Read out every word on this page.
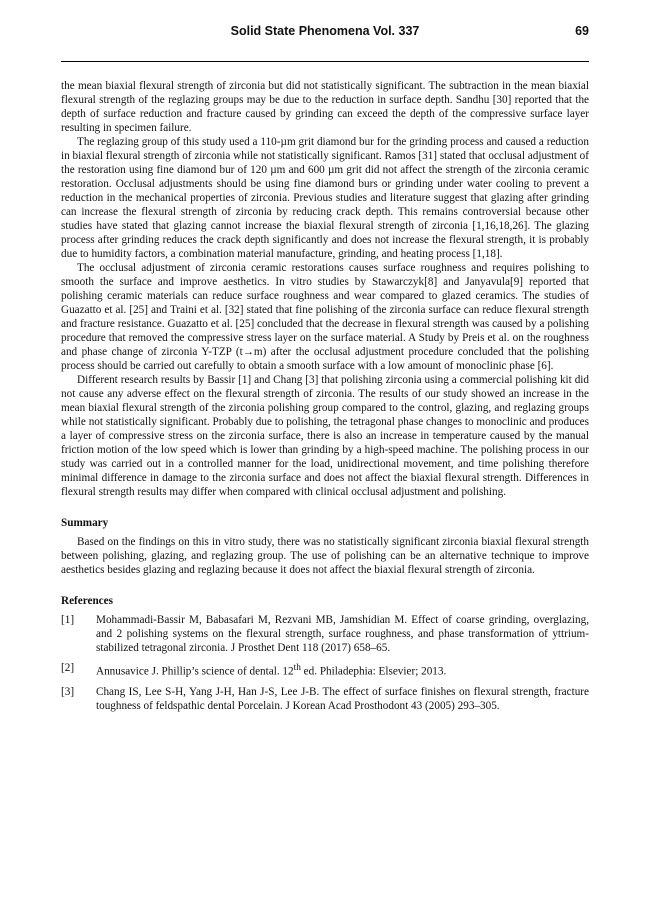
Solid State Phenomena Vol. 337	69

the mean biaxial flexural strength of zirconia but did not statistically significant. The subtraction in the mean biaxial flexural strength of the reglazing groups may be due to the reduction in surface depth. Sandhu [30] reported that the depth of surface reduction and fracture caused by grinding can exceed the depth of the compressive surface layer resulting in specimen failure.

The reglazing group of this study used a 110-µm grit diamond bur for the grinding process and caused a reduction in biaxial flexural strength of zirconia while not statistically significant. Ramos [31] stated that occlusal adjustment of the restoration using fine diamond bur of 120 µm and 600 µm grit did not affect the strength of the zirconia ceramic restoration. Occlusal adjustments should be using fine diamond burs or grinding under water cooling to prevent a reduction in the mechanical properties of zirconia. Previous studies and literature suggest that glazing after grinding can increase the flexural strength of zirconia by reducing crack depth. This remains controversial because other studies have stated that glazing cannot increase the biaxial flexural strength of zirconia [1,16,18,26]. The glazing process after grinding reduces the crack depth significantly and does not increase the flexural strength, it is probably due to humidity factors, a combination material manufacture, grinding, and heating process [1,18].

The occlusal adjustment of zirconia ceramic restorations causes surface roughness and requires polishing to smooth the surface and improve aesthetics. In vitro studies by Stawarczyk[8] and Janyavula[9] reported that polishing ceramic materials can reduce surface roughness and wear compared to glazed ceramics. The studies of Guazatto et al. [25] and Traini et al. [32] stated that fine polishing of the zirconia surface can reduce flexural strength and fracture resistance. Guazatto et al. [25] concluded that the decrease in flexural strength was caused by a polishing procedure that removed the compressive stress layer on the surface material. A Study by Preis et al. on the roughness and phase change of zirconia Y-TZP (t→m) after the occlusal adjustment procedure concluded that the polishing process should be carried out carefully to obtain a smooth surface with a low amount of monoclinic phase [6].

Different research results by Bassir [1] and Chang [3] that polishing zirconia using a commercial polishing kit did not cause any adverse effect on the flexural strength of zirconia. The results of our study showed an increase in the mean biaxial flexural strength of the zirconia polishing group compared to the control, glazing, and reglazing groups while not statistically significant. Probably due to polishing, the tetragonal phase changes to monoclinic and produces a layer of compressive stress on the zirconia surface, there is also an increase in temperature caused by the manual friction motion of the low speed which is lower than grinding by a high-speed machine. The polishing process in our study was carried out in a controlled manner for the load, unidirectional movement, and time polishing therefore minimal difference in damage to the zirconia surface and does not affect the biaxial flexural strength. Differences in flexural strength results may differ when compared with clinical occlusal adjustment and polishing.

Summary

Based on the findings on this in vitro study, there was no statistically significant zirconia biaxial flexural strength between polishing, glazing, and reglazing group. The use of polishing can be an alternative technique to improve aesthetics besides glazing and reglazing because it does not affect the biaxial flexural strength of zirconia.

References

[1]	Mohammadi-Bassir M, Babasafari M, Rezvani MB, Jamshidian M. Effect of coarse grinding, overglazing, and 2 polishing systems on the flexural strength, surface roughness, and phase transformation of yttrium-stabilized tetragonal zirconia. J Prosthet Dent 118 (2017) 658–65.
[2]	Annusavice J. Phillip’s science of dental. 12th ed. Philadephia: Elsevier; 2013.
[3]	Chang IS, Lee S-H, Yang J-H, Han J-S, Lee J-B. The effect of surface finishes on flexural strength, fracture toughness of feldspathic dental Porcelain. J Korean Acad Prosthodont 43 (2005) 293–305.
